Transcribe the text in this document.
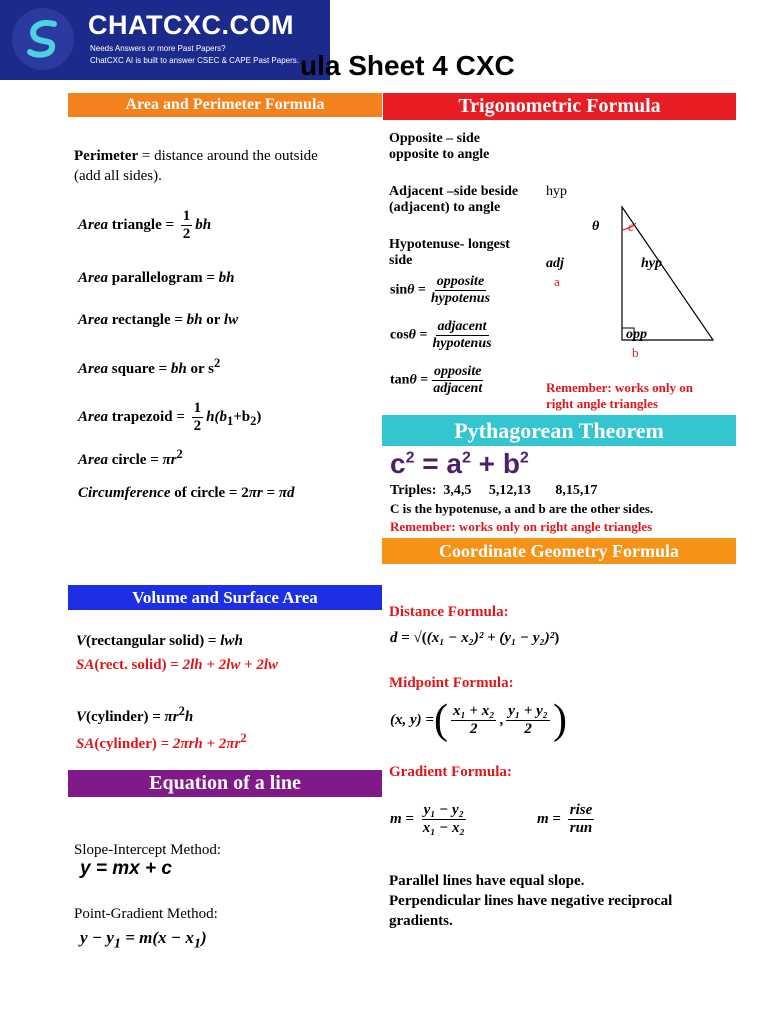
CHATCXC.COM
Needs Answers or more Past Papers?
ChatCXC AI is built to answer CSEC & CAPE Past Papers. ula Sheet 4 CXC
Area and Perimeter Formula
Perimeter = distance around the outside
(add all sides).
Area triangle = $\frac{1}{2}$ bh
Area parallelogram = bh
Area rectangle = bh or lw
Area square = bh or $s^2$
Area trapezoid = $\frac{1}{2} h(b_1+b_2)$
Area circle = $\pi r^2$
Circumference of circle = 2πr = πd
Trigonometric Formula
Opposite – side
opposite to angle
Adjacent –side beside
(adjacent) to angle
hyp
Hypotenuse- longest
side
$\sin\theta = \frac{\text{opposite}}{\text{hypotenus}}$
$\cos\theta = \frac{\text{adjacent}}{\text{hypotenus}}$
$\tan\theta = \frac{\text{opposite}}{\text{adjacent}}$
θ c
adj	hyp
a
opp
b
Remember: works only on
right angle triangles
Pythagorean Theorem
$c^2 = a^2 + b^2$
Triples: 3,4,5 5,12,13 8,15,17
C is the hypotenuse, a and b are the other sides.
Remember: works only on right angle triangles
Coordinate Geometry Formula
Distance Formula:
d = √((x₁ − x₂)² + (y₁ − y₂)²)
Midpoint Formula:
(x, y) = ( $\frac{\text{x₁ + x₂}}{2}$ , $\frac{\text{y₁ + y₂}}{2}$ )
Gradient Formula:
$m = \frac{\text{y₁ − y₂}}{\text{x₁ − x₂}}$	$m = \frac{\text{rise}}{\text{run}}$
Parallel lines have equal slope.
Perpendicular lines have negative reciprocal
gradients.
Volume and Surface Area
V(rectangular solid) = lwh
SA(rect. solid) = 2lh + 2lw + 2lw
V(cylinder) = $\pi r^2h$
SA(cylinder) = $2\pi rh + 2\pi r^2$
Equation of a line
Slope-Intercept Method:
y = mx + c
Point-Gradient Method:
$y - y_1 = m(x - x_1)$
